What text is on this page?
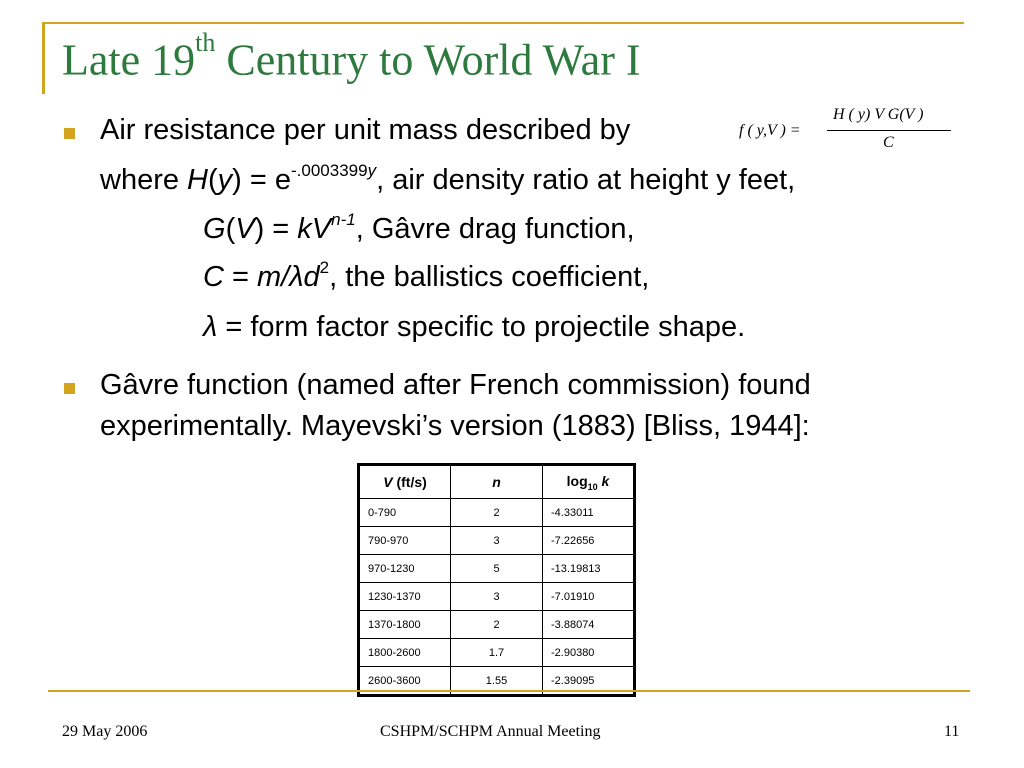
Late 19th Century to World War I
Air resistance per unit mass described by	f ( y,V ) =
H ( y) V G(V )
C
where $H(y) = e^{-.0003399y}$, air density ratio at height y feet,
$G(V) = kV^{n-1}$, Gâvre drag function,
$C = m/\lambda d^2$, the ballistics coefficient,
λ = form factor specific to projectile shape.
Gâvre function (named after French commission) found
experimentally. Mayevski’s version (1883) [Bliss, 1944]:
V (ft/s)	n	$\log_{10} k$
0-790	2	-4.33011
790-970	3	-7.22656
970-1230	5	-13.19813
1230-1370	3	-7.01910
1370-1800	2	-3.88074
1800-2600	1.7	-2.90380
2600-3600	1.55	-2.39095
29 May 2006	CSHPM/SCHPM Annual Meeting	11
